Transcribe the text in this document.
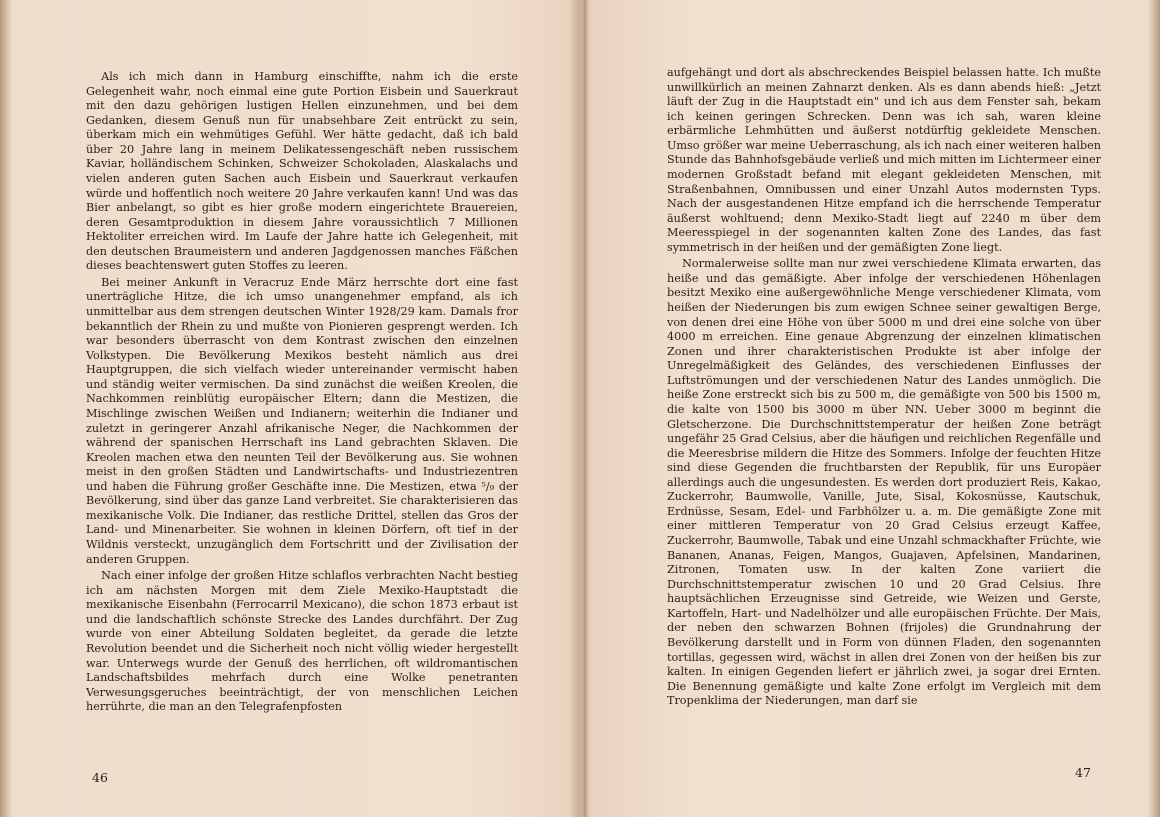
Als ich mich dann in Hamburg einschiffte, nahm ich die erste Gelegenheit wahr, noch einmal eine gute Portion Eisbein und Sauerkraut mit den dazu gehörigen lustigen Hellen einzunehmen, und bei dem Gedanken, diesem Genuß nun für unabsehbare Zeit entrückt zu sein, überkam mich ein wehmütiges Gefühl. Wer hätte gedacht, daß ich bald über 20 Jahre lang in meinem Delikatessengeschäft neben russischem Kaviar, holländischem Schinken, Schweizer Schokoladen, Alaskalachs und vielen anderen guten Sachen auch Eisbein und Sauerkraut verkaufen würde und hoffentlich noch weitere 20 Jahre verkaufen kann! Und was das Bier anbelangt, so gibt es hier große modern eingerichtete Brauereien, deren Gesamtproduktion in diesem Jahre voraussichtlich 7 Millionen Hektoliter erreichen wird. Im Laufe der Jahre hatte ich Gelegenheit, mit den deutschen Braumeistern und anderen Jagdgenossen manches Fäßchen dieses beachtenswert guten Stoffes zu leeren.

Bei meiner Ankunft in Veracruz Ende März herrschte dort eine fast unerträgliche Hitze, die ich umso unangenehmer empfand, als ich unmittelbar aus dem strengen deutschen Winter 1928/29 kam. Damals fror bekanntlich der Rhein zu und mußte von Pionieren gesprengt werden. Ich war besonders überrascht von dem Kontrast zwischen den einzelnen Volkstypen. Die Bevölkerung Mexikos besteht nämlich aus drei Hauptgruppen, die sich vielfach wieder untereinander vermischt haben und ständig weiter vermischen. Da sind zunächst die weißen Kreolen, die Nachkommen reinblütig europäischer Eltern; dann die Mestizen, die Mischlinge zwischen Weißen und Indianern; weiterhin die Indianer und zuletzt in geringerer Anzahl afrikanische Neger, die Nachkommen der während der spanischen Herrschaft ins Land gebrachten Sklaven. Die Kreolen machen etwa den neunten Teil der Bevölkerung aus. Sie wohnen meist in den großen Städten und Landwirtschafts- und Industriezentren und haben die Führung großer Geschäfte inne. Die Mestizen, etwa ⁵/₉ der Bevölkerung, sind über das ganze Land verbreitet. Sie charakterisieren das mexikanische Volk. Die Indianer, das restliche Drittel, stellen das Gros der Land- und Minenarbeiter. Sie wohnen in kleinen Dörfern, oft tief in der Wildnis versteckt, unzugänglich dem Fortschritt und der Zivilisation der anderen Gruppen.

Nach einer infolge der großen Hitze schlaflos verbrachten Nacht bestieg ich am nächsten Morgen mit dem Ziele Mexiko-Hauptstadt die mexikanische Eisenbahn (Ferrocarril Mexicano), die schon 1873 erbaut ist und die landschaftlich schönste Strecke des Landes durchfährt. Der Zug wurde von einer Abteilung Soldaten begleitet, da gerade die letzte Revolution beendet und die Sicherheit noch nicht völlig wieder hergestellt war. Unterwegs wurde der Genuß des herrlichen, oft wildromantischen Landschaftsbildes mehrfach durch eine Wolke penetranten Verwesungsgeruches beeinträchtigt, der von menschlichen Leichen herrührte, die man an den Telegrafenpfosten

46

aufgehängt und dort als abschreckendes Beispiel belassen hatte. Ich mußte unwillkürlich an meinen Zahnarzt denken. Als es dann abends hieß: „Jetzt läuft der Zug in die Hauptstadt ein" und ich aus dem Fenster sah, bekam ich keinen geringen Schrecken. Denn was ich sah, waren kleine erbärmliche Lehmhütten und äußerst notdürftig gekleidete Menschen. Umso größer war meine Ueberraschung, als ich nach einer weiteren halben Stunde das Bahnhofsgebäude verließ und mich mitten im Lichtermeer einer modernen Großstadt befand mit elegant gekleideten Menschen, mit Straßenbahnen, Omnibussen und einer Unzahl Autos modernsten Typs. Nach der ausgestandenen Hitze empfand ich die herrschende Temperatur äußerst wohltuend; denn Mexiko-Stadt liegt auf 2240 m über dem Meeresspiegel in der sogenannten kalten Zone des Landes, das fast symmetrisch in der heißen und der gemäßigten Zone liegt.

Normalerweise sollte man nur zwei verschiedene Klimata erwarten, das heiße und das gemäßigte. Aber infolge der verschiedenen Höhenlagen besitzt Mexiko eine außergewöhnliche Menge verschiedener Klimata, vom heißen der Niederungen bis zum ewigen Schnee seiner gewaltigen Berge, von denen drei eine Höhe von über 5000 m und drei eine solche von über 4000 m erreichen. Eine genaue Abgrenzung der einzelnen klimatischen Zonen und ihrer charakteristischen Produkte ist aber infolge der Unregelmäßigkeit des Geländes, des verschiedenen Einflusses der Luftströmungen und der verschiedenen Natur des Landes unmöglich. Die heiße Zone erstreckt sich bis zu 500 m, die gemäßigte von 500 bis 1500 m, die kalte von 1500 bis 3000 m über NN. Ueber 3000 m beginnt die Gletscherzone. Die Durchschnittstemperatur der heißen Zone beträgt ungefähr 25 Grad Celsius, aber die häufigen und reichlichen Regenfälle und die Meeresbrise mildern die Hitze des Sommers. Infolge der feuchten Hitze sind diese Gegenden die fruchtbarsten der Republik, für uns Europäer allerdings auch die ungesundesten. Es werden dort produziert Reis, Kakao, Zuckerrohr, Baumwolle, Vanille, Jute, Sisal, Kokosnüsse, Kautschuk, Erdnüsse, Sesam, Edel- und Farbhölzer u. a. m. Die gemäßigte Zone mit einer mittleren Temperatur von 20 Grad Celsius erzeugt Kaffee, Zuckerrohr, Baumwolle, Tabak und eine Unzahl schmackhafter Früchte, wie Bananen, Ananas, Feigen, Mangos, Guajaven, Apfelsinen, Mandarinen, Zitronen, Tomaten usw. In der kalten Zone variiert die Durchschnittstemperatur zwischen 10 und 20 Grad Celsius. Ihre hauptsächlichen Erzeugnisse sind Getreide, wie Weizen und Gerste, Kartoffeln, Hart- und Nadelhölzer und alle europäischen Früchte. Der Mais, der neben den schwarzen Bohnen (frijoles) die Grundnahrung der Bevölkerung darstellt und in Form von dünnen Fladen, den sogenannten tortillas, gegessen wird, wächst in allen drei Zonen von der heißen bis zur kalten. In einigen Gegenden liefert er jährlich zwei, ja sogar drei Ernten. Die Benennung gemäßigte und kalte Zone erfolgt im Vergleich mit dem Tropenklima der Niederungen, man darf sie

47
